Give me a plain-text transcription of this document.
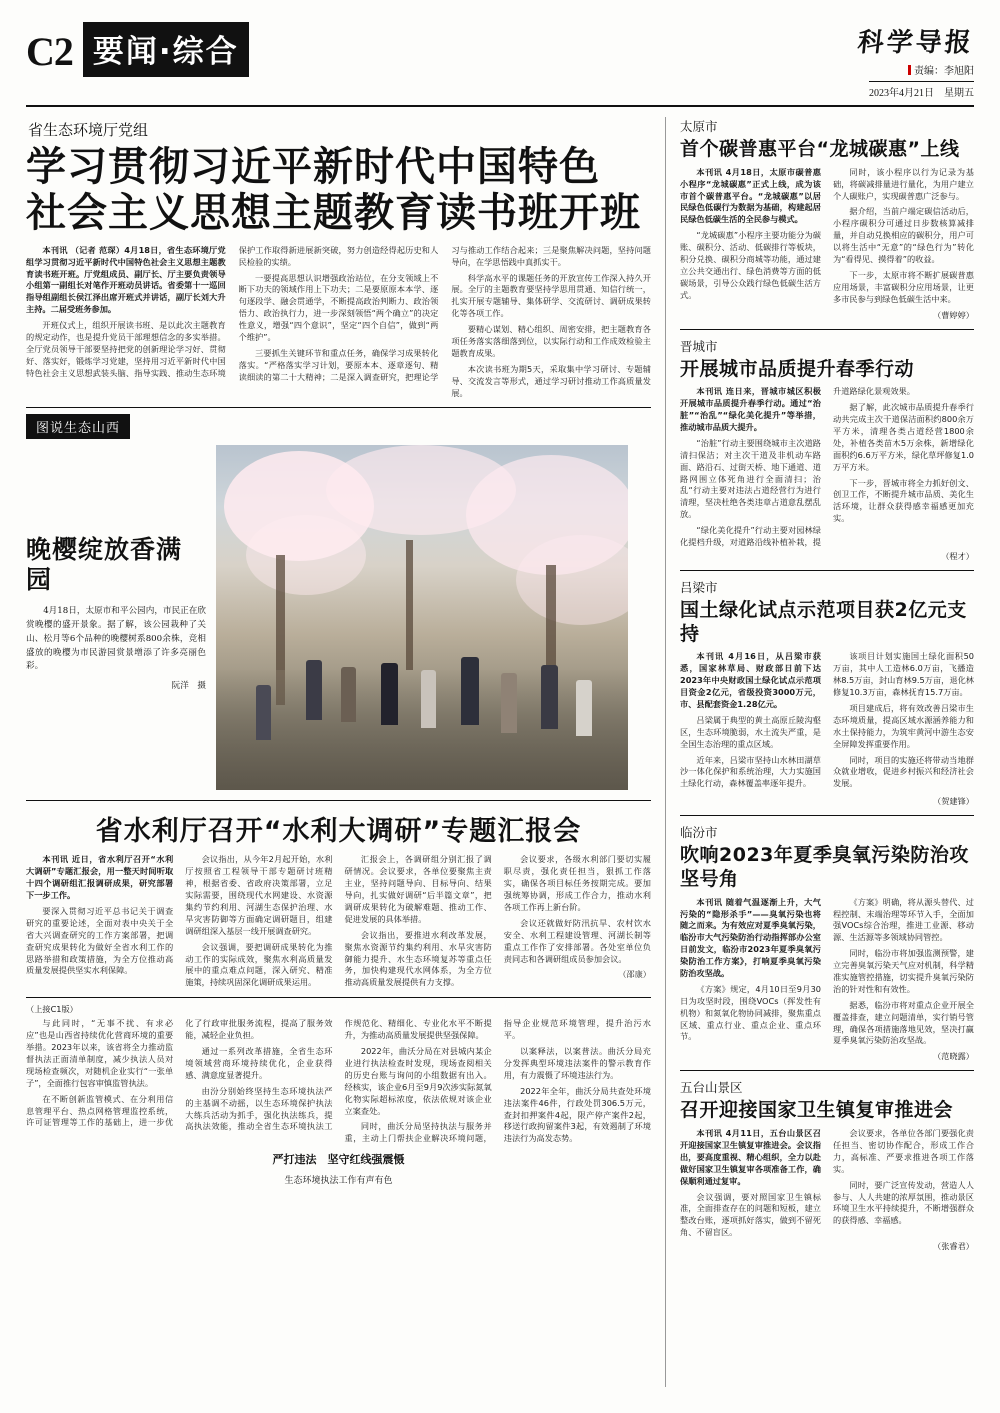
C2 要闻·综合	科学导报
责编：李旭阳
2023年4月21日　星期五
省生态环境厅党组
学习贯彻习近平新时代中国特色
社会主义思想主题教育读书班开班

本刊讯 （记者 范琛）4月18日，省生态环境厅党组学习贯彻习近平新时代中国特色社会主义思想主题教育读书班开班。厅党组成员、副厅长、厅主要负责领导小组第一副组长对笔作开班动员讲话。省委第十一巡回指导组副组长侯江泽出席开班式并讲话，副厅长刘大升主持。二届受班务参加。

开班仪式上，组织开展读书班、是以此次主题教育的规定动作，也是提升党员干部理想信念的多实举措。全厅党员领导干部要坚持把党的创新理论学习好、贯彻好、落实好，锻炼学习党建，坚持用习近平新时代中国特色社会主义思想武装头脑、指导实践、推动生态环境保护工作取得新进展新突破，努力创造经得起历史和人民检验的实绩。

一要提高思想认识增强政治站位，在分支领域上不断下功夫的领域作用上下功夫；二是要原原本本学、逐句逐段学、融会贯通学，不断提高政治判断力、政治领悟力、政治执行力，进一步深刻领悟“两个确立”的决定性意义，增强“四个意识”，坚定“四个自信”，做到“两个维护”。

三要抓生关键环节和重点任务，确保学习成果转化落实。“严格落实学习计划，要原本本、逐章逐句、精读细读的第二十大精神；二是深入调查研究，把理论学习与推动工作结合起来；三是聚焦解决问题，坚持问题导向，在学思悟践中真抓实干。

科学高水平的课题任务的开放宣传工作深入持久开展。全厅的主题教育要坚持学思用贯通、知信行统一，扎实开展专题辅导、集体研学、交流研讨、调研成果转化等各项工作。

要精心谋划、精心组织、周密安排，把主题教育各项任务落实落细落到位，以实际行动和工作成效检验主题教育成果。

本次读书班为期5天，采取集中学习研讨、专题辅导、交流发言等形式，通过学习研讨推动工作高质量发展。

图说生态山西
晚樱绽放香满园

4月18日，太原市和平公园内，市民正在欣赏晚樱的盛开景象。据了解，该公园栽种了关山、松月等6个品种的晚樱树系800余株，竞相盛放的晚樱为市民游园赏景增添了许多亮丽色彩。

阮洋　摄

省水利厅召开“水利大调研”专题汇报会

本刊讯 近日，省水利厅召开“水利大调研”专题汇报会，用一整天时间听取十四个调研组汇报调研成果，研究部署下一步工作。

要深入贯彻习近平总书记关于调查研究的重要论述，全面对表中央关于全省大兴调查研究的工作方案部署，把调查研究成果转化为做好全省水利工作的思路举措和政策措施，为全方位推动高质量发展提供坚实水利保障。

会议指出，从今年2月起开始，水利厅按照省工程领导干部专题研讨班精神，根据省委、省政府决策部署，立足实际需要，围绕现代水网建设、水资源集约节约利用、河湖生态保护治理、水旱灾害防御等方面确定调研题目，组建调研组深入基层一线开展调查研究。

会议强调，要把调研成果转化为推动工作的实际成效，聚焦水利高质量发展中的重点难点问题，深入研究、精准施策，持续巩固深化调研成果运用。

汇报会上，各调研组分别汇报了调研情况。会议要求，各单位要聚焦主责主业，坚持问题导向、目标导向、结果导向，扎实做好调研“后半篇文章”，把调研成果转化为破解难题、推动工作、促进发展的具体举措。

会议指出，要推进水利改革发展，聚焦水资源节约集约利用、水旱灾害防御能力提升、水生态环境复苏等重点任务，加快构建现代水网体系，为全方位推动高质量发展提供有力支撑。

会议要求，各级水利部门要切实履职尽责，强化责任担当，狠抓工作落实，确保各项目标任务按期完成。要加强统筹协调，形成工作合力，推动水利各项工作再上新台阶。

会议还就做好防汛抗旱、农村饮水安全、水利工程建设管理、河湖长制等重点工作作了安排部署。各处室单位负责同志和各调研组成员参加会议。

（邵康）

（上接C1版）

与此同时，“无事不扰、有求必应”也是山西省持续优化营商环境的重要举措。2023年以来，该省将全力推动监督执法正面清单制度，减少执法人员对现场检查频次，对随机企业实行“一张单子”，全面推行包容审慎监管执法。

在不断创新监管模式、在分利用信息管理平台、热点网格管理监控系统，许可证管理等工作的基础上，进一步优化了行政审批服务流程，提高了服务效能，减轻企业负担。

通过一系列改革措施，全省生态环境领域营商环境持续优化，企业获得感、满意度显著提升。

由汾分别始终坚持生态环境执法严的主基调不动摇，以生态环境保护执法大练兵活动为抓手，强化执法练兵，提高执法效能，推动全省生态环境执法工作规范化、精细化、专业化水平不断提升，为推动高质量发展提供坚强保障。

2022年，曲沃分局在对县城内某企业进行执法检查时发现，现场查阅相关的历史台账与询问的小组数据有出入。经核实，该企业6月至9月9次涉实际氮氧化物实际超标浓度，依法依规对该企业立案查处。

同时，曲沃分局坚持执法与服务并重，主动上门帮扶企业解决环境问题，指导企业规范环境管理，提升治污水平。

以案释法，以案普法。曲沃分局充分发挥典型环境违法案件的警示教育作用，有力震慑了环境违法行为。

2022年全年，曲沃分局共查处环境违法案件46件，行政处罚306.5万元，查封扣押案件4起，限产停产案件2起，移送行政拘留案件3起，有效遏制了环境违法行为高发态势。

严打违法　坚守红线强震慑
生态环境执法工作有声有色
太原市
首个碳普惠平台“龙城碳惠”上线

本刊讯 4月18日，太原市碳普惠小程序“龙城碳惠”正式上线，成为该市首个碳普惠平台。“龙城碳惠”以居民绿色低碳行为数据为基础，构建起居民绿色低碳生活的全民参与模式。

“龙城碳惠”小程序主要功能分为碳账、碳积分、活动、低碳排行等板块，积分兑换、碳积分商城等功能，通过建立公共交通出行、绿色消费等方面的低碳场景，引导公众践行绿色低碳生活方式。

同时，该小程序以行为记录为基础，将碳减排量进行量化，为用户建立个人碳账户，实现碳普惠广泛参与。

据介绍，当前户端定碳信活动后，小程序碳积分可通过日步数核算减排量，并自动兑换相应的碳积分，用户可以将生活中“无意”的“绿色行为”转化为“看得见、摸得着”的收益。

下一步，太原市将不断扩展碳普惠应用场景，丰富碳积分应用场景，让更多市民参与到绿色低碳生活中来。

（曹婷婷）
晋城市
开展城市品质提升春季行动

本刊讯 连日来，晋城市城区积极开展城市品质提升春季行动。通过“治脏”“治乱”“绿化美化提升”等举措，推动城市品质大提升。

“治脏”行动主要围绕城市主次道路清扫保洁；对主次干道及非机动车路面、路沿石、过街天桥、地下通道、道路网围立体死角进行全面清扫；治乱“行动主要对违法占道经营行为进行清理，坚决杜绝各类违章占道意乱摆乱放。

“绿化美化提升”行动主要对园林绿化提档升级，对道路沿线补植补栽，提升道路绿化景观效果。

据了解，此次城市品质提升春季行动共完成主次干道保洁面积约800余万平方米，清理各类占道经营1800余处，补植各类苗木5万余株，新增绿化面积约6.6万平方米，绿化草坪修复1.0万平方米。

下一步，晋城市将全力抓好创文、创卫工作，不断提升城市品质、美化生活环境，让群众获得感幸福感更加充实。

（程才）
吕梁市
国土绿化试点示范项目获2亿元支持

本刊讯 4月16日，从吕梁市获悉，国家林草局、财政部日前下达2023年中央财政国土绿化试点示范项目资金2亿元，省级投资3000万元，市、县配套资金1.28亿元。

吕梁属于典型的黄土高原丘陵沟壑区，生态环境脆弱，水土流失严重，是全国生态治理的重点区域。

近年来，吕梁市坚持山水林田湖草沙一体化保护和系统治理，大力实施国土绿化行动，森林覆盖率逐年提升。

该项目计划实施国土绿化面积50万亩，其中人工造林6.0万亩，飞播造林8.5万亩，封山育林9.5万亩，退化林修复10.3万亩，森林抚育15.7万亩。

项目建成后，将有效改善吕梁市生态环境质量，提高区域水源涵养能力和水土保持能力，为筑牢黄河中游生态安全屏障发挥重要作用。

同时，项目的实施还将带动当地群众就业增收，促进乡村振兴和经济社会发展。

（贺建锋）
临汾市
吹响2023年夏季臭氧污染防治攻坚号角

本刊讯 随着气温逐渐上升，大气污染的“隐形杀手”——臭氧污染也将随之而来。为有效应对夏季臭氧污染，临汾市大气污染防治行动指挥部办公室日前发文，临汾市2023年夏季臭氧污染防治工作方案》，打响夏季臭氧污染防治攻坚战。

《方案》规定，4月10日至9月30日为攻坚时段，围绕VOCs（挥发性有机物）和氮氧化物协同减排，聚焦重点区域、重点行业、重点企业、重点环节。

《方案》明确，将从源头替代、过程控制、末端治理等环节入手，全面加强VOCs综合治理，推进工业源、移动源、生活源等多领域协同管控。

同时，临汾市将加强监测预警，建立完善臭氧污染天气应对机制，科学精准实施管控措施，切实提升臭氧污染防治的针对性和有效性。

据悉，临汾市将对重点企业开展全覆盖排查，建立问题清单，实行销号管理，确保各项措施落地见效，坚决打赢夏季臭氧污染防治攻坚战。

（范晓露）
五台山景区
召开迎接国家卫生镇复审推进会

本刊讯 4月11日，五台山景区召开迎接国家卫生镇复审推进会。会议指出，要高度重视、精心组织，全力以赴做好国家卫生镇复审各项准备工作，确保顺利通过复审。

会议强调，要对照国家卫生镇标准，全面排查存在的问题和短板，建立整改台账，逐项抓好落实，做到不留死角、不留盲区。

会议要求，各单位各部门要强化责任担当、密切协作配合，形成工作合力，高标准、严要求推进各项工作落实。

同时，要广泛宣传发动，营造人人参与、人人共建的浓厚氛围，推动景区环境卫生水平持续提升，不断增强群众的获得感、幸福感。

（张睿君）
